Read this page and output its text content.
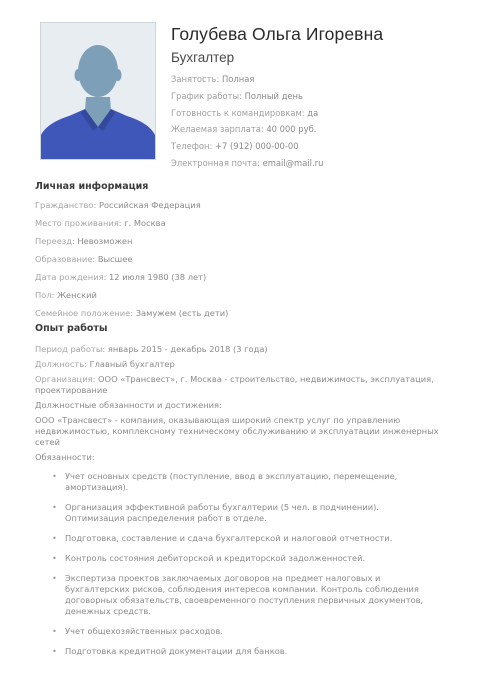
Голубева Ольга Игоревна
Бухгалтер
Занятость: Полная
График работы: Полный день
Готовность к командировкам: да
Желаемая зарплата: 40 000 руб.
Телефон: +7 (912) 000-00-00
Электронная почта: email@mail.ru
Личная информация
Гражданство: Российская Федерация
Место проживания: г. Москва
Переезд: Невозможен
Образование: Высшее
Дата рождения: 12 июля 1980 (38 лет)
Пол: Женский
Семейное положение: Замужем (есть дети)
Опыт работы
Период работы: январь 2015 - декабрь 2018 (3 года)
Должность: Главный бухгалтер
Организация: ООО «Трансвест», г. Москва - строительство, недвижимость, эксплуатация, проектирование
Должностные обязанности и достижения:
ООО «Трансвест» - компания, оказывающая широкий спектр услуг по управлению недвижимостью, комплексному техническому обслуживанию и эксплуатации инженерных сетей
Обязанности:
• Учет основных средств (поступление, ввод в эксплуатацию, перемещение, амортизация).
• Организация эффективной работы бухгалтерии (5 чел. в подчинении). Оптимизация распределения работ в отделе.
• Подготовка, составление и сдача бухгалтерской и налоговой отчетности.
• Контроль состояния дебиторской и кредиторской задолженностей.
• Экспертиза проектов заключаемых договоров на предмет налоговых и бухгалтерских рисков, соблюдения интересов компании. Контроль соблюдения договорных обязательств, своевременного поступления первичных документов, денежных средств.
• Учет общехозяйственных расходов.
• Подготовка кредитной документации для банков.
